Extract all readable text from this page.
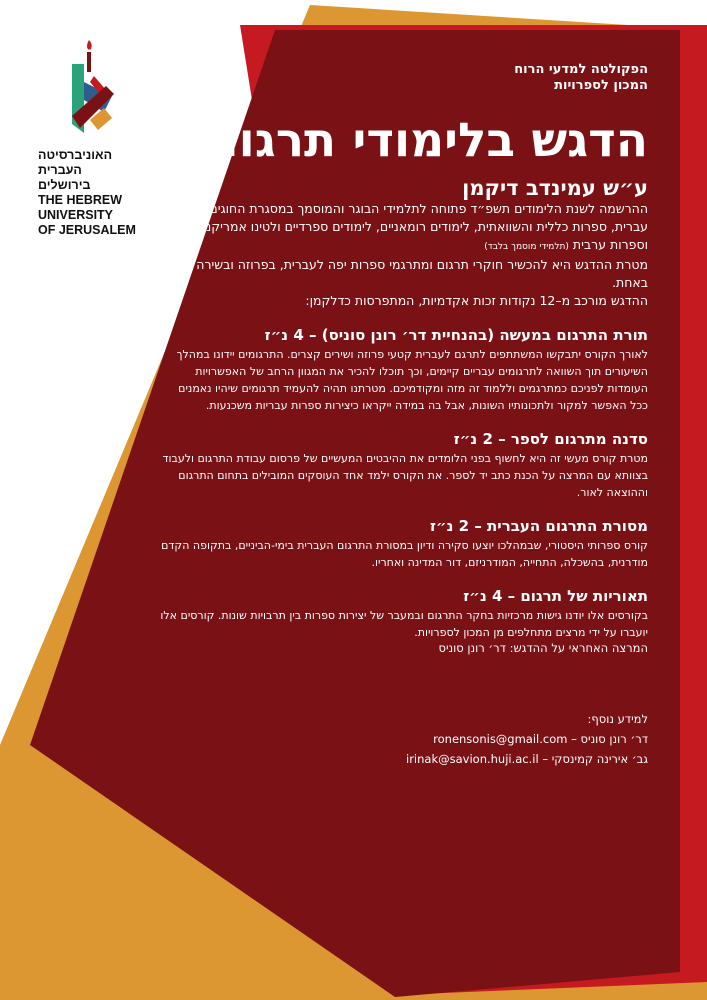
האוניברסיטה
העברית
בירושלים
THE HEBREW
UNIVERSITY
OF JERUSALEM
הפקולטה למדעי הרוח
המכון לספרויות
הדגש בלימודי תרגום
ע״ש עמינדב דיקמן

ההרשמה לשנת הלימודים תשפ״ד פתוחה לתלמידי הבוגר והמוסמך במסגרת החוגים: ספרות עברית, ספרות כללית והשוואתית, לימודים רומאניים, לימודים ספרדיים ולטינו אמריקניים, שפה וספרות ערבית (תלמידי מוסמך בלבד)

מטרת ההדגש היא להכשיר חוקרי תרגום ומתרגמי ספרות יפה לעברית, בפרוזה ובשירה באחת.

ההדגש מורכב מ–12 נקודות זכות אקדמיות, המתפרסות כדלקמן:

תורת התרגום במעשה (בהנחיית דר׳ רונן סוניס) – 4 נ״ז

לאורך הקורס יתבקשו המשתתפים לתרגם לעברית קטעי פרוזה ושירים קצרים. התרגומים יידונו במהלך השיעורים תוך השוואה לתרגומים עבריים קיימים, וכך תוכלו להכיר את המגוון הרחב של האפשרויות העומדות לפניכם כמתרגמים וללמוד זה מזה ומקודמיכם. מטרתנו תהיה להעמיד תרגומים שיהיו נאמנים ככל האפשר למקור ולתכונותיו השונות, אבל בה במידה ייקראו כיצירות ספרות עבריות משכנעות.

סדנה מתרגום לספר – 2 נ״ז

מטרת קורס מעשי זה היא לחשוף בפני הלומדים את ההיבטים המעשיים של פרסום עבודת התרגום ולעבוד בצוותא עם המרצה על הכנת כתב יד לספר. את הקורס ילמד אחד העוסקים המובילים בתחום התרגום וההוצאה לאור.

מסורת התרגום העברית – 2 נ״ז

קורס ספרותי היסטורי, שבמהלכו יוצעו סקירה ודיון במסורת התרגום העברית בימי-הביניים, בתקופה הקדם מודרנית, בהשכלה, התחייה, המודרניזם, דור המדינה ואחריו.

תאוריות של תרגום – 4 נ״ז

בקורסים אלו יודנו גישות מרכזיות בחקר התרגום ובמעבר של יצירות ספרות בין תרבויות שונות. קורסים אלו יועברו על ידי מרצים מתחלפים מן המכון לספרויות.

המרצה האחראי על ההדגש: דר׳ רונן סוניס

למידע נוסף:
דר׳ רונן סוניס – ronensonis@gmail.com
גב׳ אירינה קמינסקי – irinak@savion.huji.ac.il
